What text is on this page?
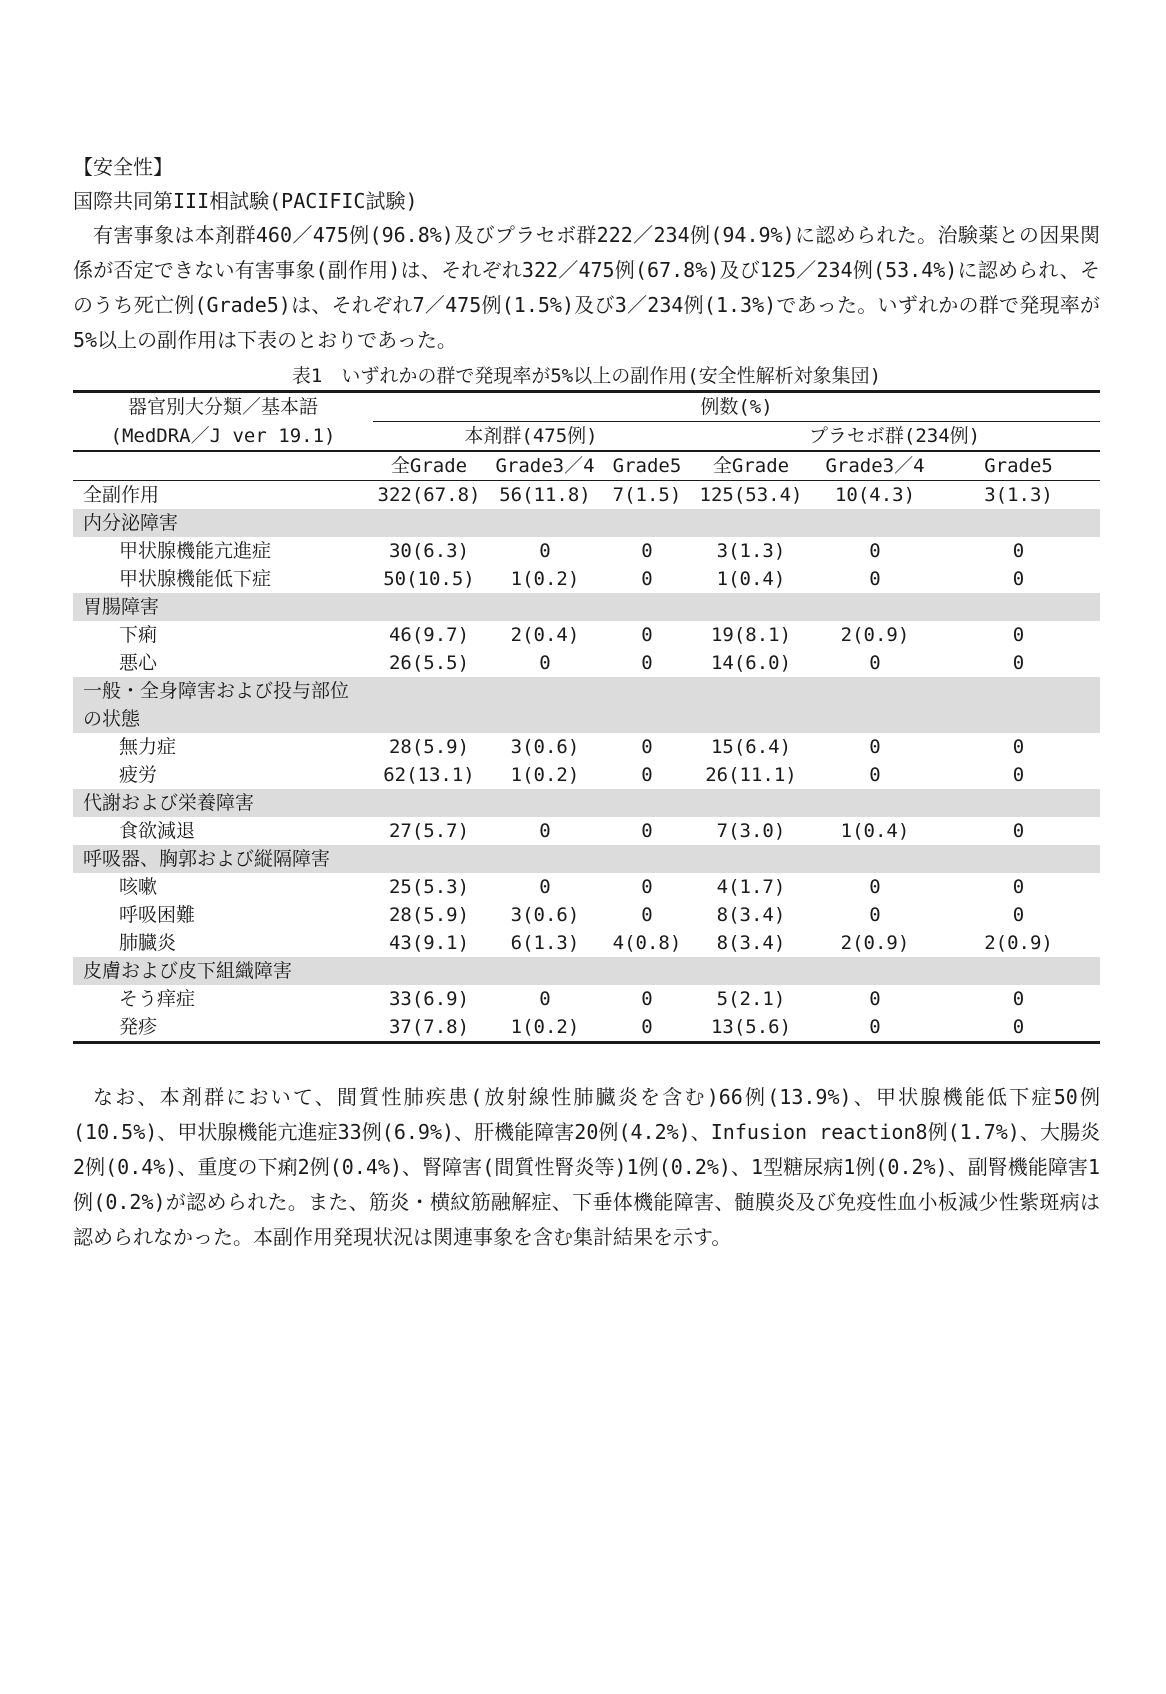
【安全性】
国際共同第III相試験(PACIFIC試験)

有害事象は本剤群460／475例(96.8%)及びプラセボ群222／234例(94.9%)に認められた。治験薬との因果関係が否定できない有害事象(副作用)は、それぞれ322／475例(67.8%)及び125／234例(53.4%)に認められ、そのうち死亡例(Grade5)は、それぞれ7／475例(1.5%)及び3／234例(1.3%)であった。いずれかの群で発現率が5%以上の副作用は下表のとおりであった。

表1　いずれかの群で発現率が5%以上の副作用(安全性解析対象集団)
器官別大分類／基本語	例数(%)					
(MedDRA／J ver 19.1)	本剤群(475例)			プラセボ群(234例)		
	全Grade	Grade3／4	Grade5	全Grade	Grade3／4	Grade5
全副作用	322(67.8)	56(11.8)	7(1.5)	125(53.4)	10(4.3)	3(1.3)
内分泌障害						
甲状腺機能亢進症	30(6.3)	0	0	3(1.3)	0	0
甲状腺機能低下症	50(10.5)	1(0.2)	0	1(0.4)	0	0
胃腸障害						
下痢	46(9.7)	2(0.4)	0	19(8.1)	2(0.9)	0
悪心	26(5.5)	0	0	14(6.0)	0	0

一般・全身障害および投与部位
の状態						

無力症	28(5.9)	3(0.6)	0	15(6.4)	0	0
疲労	62(13.1)	1(0.2)	0	26(11.1)	0	0
代謝および栄養障害						
食欲減退	27(5.7)	0	0	7(3.0)	1(0.4)	0
呼吸器、胸郭および縦隔障害						
咳嗽	25(5.3)	0	0	4(1.7)	0	0
呼吸困難	28(5.9)	3(0.6)	0	8(3.4)	0	0
肺臓炎	43(9.1)	6(1.3)	4(0.8)	8(3.4)	2(0.9)	2(0.9)
皮膚および皮下組織障害						
そう痒症	33(6.9)	0	0	5(2.1)	0	0
発疹	37(7.8)	1(0.2)	0	13(5.6)	0	0

なお、本剤群において、間質性肺疾患(放射線性肺臓炎を含む)66例(13.9%)、甲状腺機能低下症50例(10.5%)、甲状腺機能亢進症33例(6.9%)、肝機能障害20例(4.2%)、Infusion reaction8例(1.7%)、大腸炎2例(0.4%)、重度の下痢2例(0.4%)、腎障害(間質性腎炎等)1例(0.2%)、1型糖尿病1例(0.2%)、副腎機能障害1例(0.2%)が認められた。また、筋炎・横紋筋融解症、下垂体機能障害、髄膜炎及び免疫性血小板減少性紫斑病は認められなかった。本副作用発現状況は関連事象を含む集計結果を示す。
